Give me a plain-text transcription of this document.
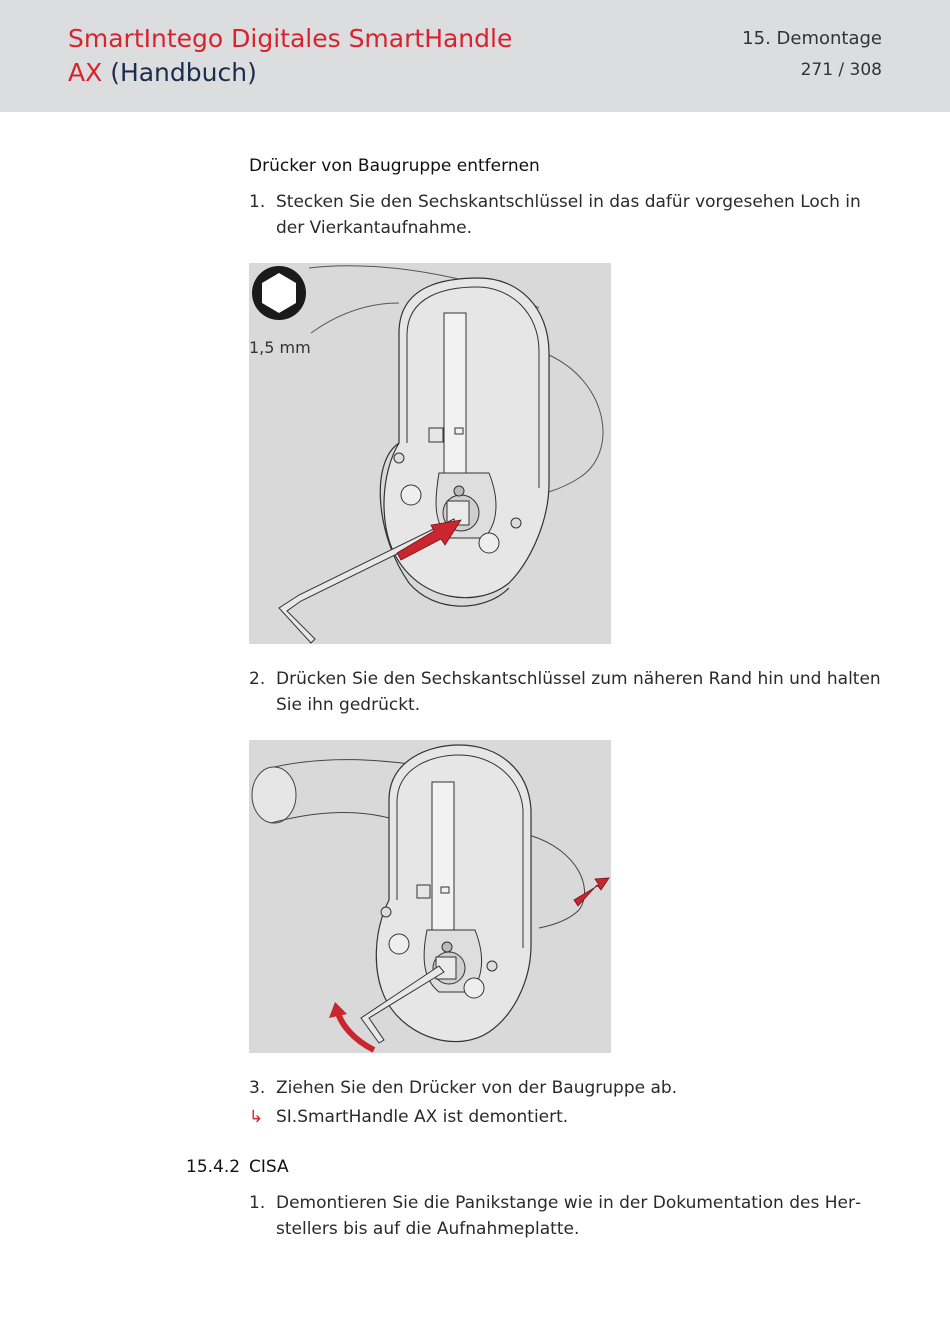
SmartIntego Digitales SmartHandle
AX (Handbuch)
15. Demontage
271 / 308
Drücker von Baugruppe entfernen
1. Stecken Sie den Sechskantschlüssel in das dafür vorgesehen Loch in der Vierkantaufnahme.
1,5 mm
2. Drücken Sie den Sechskantschlüssel zum näheren Rand hin und halten Sie ihn gedrückt.
3. Ziehen Sie den Drücker von der Baugruppe ab.
↳ SI.SmartHandle AX ist demontiert.
15.4.2 CISA
1. Demontieren Sie die Panikstange wie in der Dokumentation des Herstellers bis auf die Aufnahmeplatte.
